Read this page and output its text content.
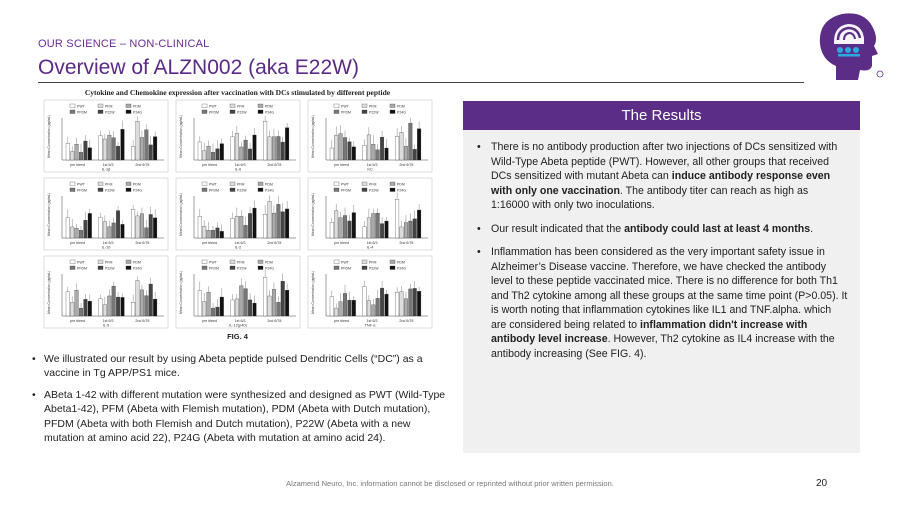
OUR SCIENCE – NON-CLINICAL
Overview of ALZN002 (aka E22W)
Cytokine and Chemokine expression after vaccination with DCs stimulated by different peptide
PWT	PFM	PDM
PFDM	P22W	P24G
Mean Concentration (pg/mL)
pre bleed	1st 6/3	2nd 6/78
IL-1β
PWT	PFM	PDM
PFDM	P22W	P24G
Mean Concentration (pg/mL)
pre bleed	1st 6/3	2nd 6/78
IL-6
PWT	PFM	PDM
PFDM	P22W	P24G
Mean Concentration (pg/mL)
pre bleed	1st 6/3	2nd 6/78
KC
PWT	PFM	PDM
PFDM	P22W	P24G
Mean Concentration (pg/mL)
pre bleed	1st 6/3	2nd 6/78
IL-10
PWT	PFM	PDM
PFDM	P22W	P24G
Mean Concentration (pg/mL)
pre bleed	1st 6/3	2nd 6/78
IL-2
PWT	PFM	PDM
PFDM	P22W	P24G
Mean Concentration (pg/mL)
pre bleed	1st 6/3	2nd 6/78
IL-4
PWT	PFM	PDM
PFDM	P22W	P24G
Mean Concentration (pg/mL)
pre bleed	1st 6/3	2nd 6/78
IL-5
PWT	PFM	PDM
PFDM	P22W	P24G
Mean Concentration (pg/mL)
pre bleed	1st 6/3	2nd 6/78
IL-12(p40)
PWT	PFM	PDM
PFDM	P22W	P24G
Mean Concentration (pg/mL)
pre bleed	1st 6/3	2nd 6/78
TNF-α
FIG. 4
• We illustrated our result by using Abeta peptide pulsed Dendritic Cells (“DC”) as a vaccine in Tg APP/PS1 mice.
• ABeta 1-42 with different mutation were synthesized and designed as PWT (Wild-Type Abeta1-42), PFM (Abeta with Flemish mutation), PDM (Abeta with Dutch mutation), PFDM (Abeta with both Flemish and Dutch mutation), P22W (Abeta with a new mutation at amino acid 22), P24G (Abeta with mutation at amino acid 24).
The Results
• There is no antibody production after two injections of DCs sensitized with Wild-Type Abeta peptide (PWT). However, all other groups that received DCs sensitized with mutant Abeta can induce antibody response even with only one vaccination. The antibody titer can reach as high as 1:16000 with only two inoculations.
• Our result indicated that the antibody could last at least 4 months.
• Inflammation has been considered as the very important safety issue in Alzheimer’s Disease vaccine. Therefore, we have checked the antibody level to these peptide vaccinated mice. There is no difference for both Th1 and Th2 cytokine among all these groups at the same time point (P>0.05). It is worth noting that inflammation cytokines like IL1 and TNF.alpha. which are considered being related to inflammation didn't increase with antibody level increase. However, Th2 cytokine as IL4 increase with the antibody increasing (See FIG. 4).
Alzamend Neuro, Inc. information cannot be disclosed or reprinted without prior written permission.	20
